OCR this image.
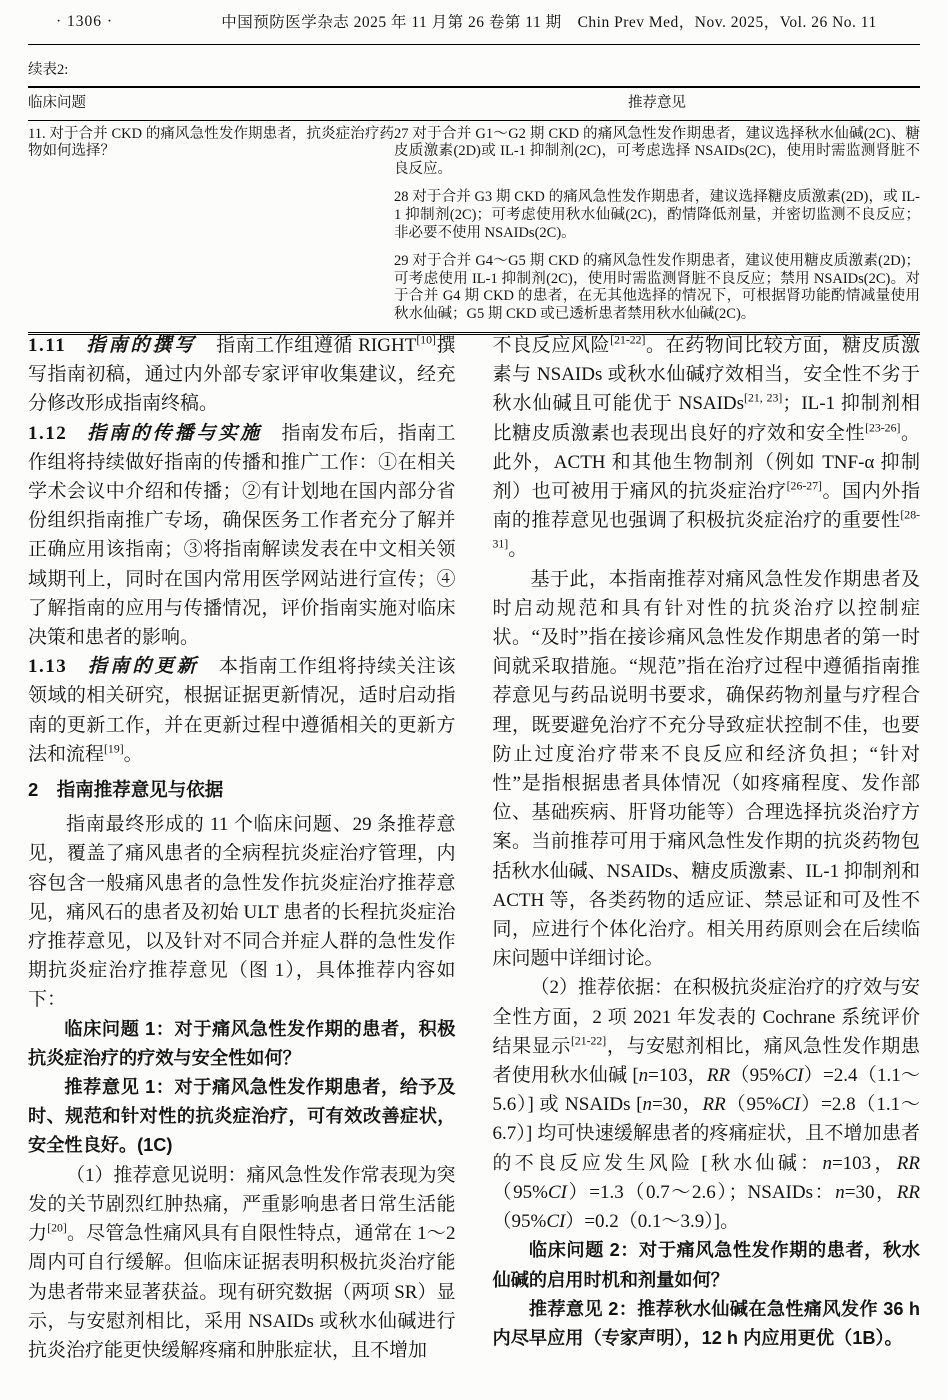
· 1306 ·	中国预防医学杂志 2025 年 11 月第 26 卷第 11 期　Chin Prev Med，Nov. 2025，Vol. 26 No. 11
续表2:
临床问题	推荐意见
11. 对于合并 CKD 的痛风急性发作期患者，抗炎症治疗药物如何选择？	27 对于合并 G1～G2 期 CKD 的痛风急性发作期患者，建议选择秋水仙碱(2C)、糖皮质激素(2D)或 IL-1 抑制剂(2C)，可考虑选择 NSAIDs(2C)，使用时需监测肾脏不良反应。

28 对于合并 G3 期 CKD 的痛风急性发作期患者，建议选择糖皮质激素(2D)，或 IL-1 抑制剂(2C)；可考虑使用秋水仙碱(2C)，酌情降低剂量，并密切监测不良反应；非必要不使用 NSAIDs(2C)。

29 对于合并 G4～G5 期 CKD 的痛风急性发作期患者，建议使用糖皮质激素(2D)；可考虑使用 IL-1 抑制剂(2C)，使用时需监测肾脏不良反应；禁用 NSAIDs(2C)。对于合并 G4 期 CKD 的患者，在无其他选择的情况下，可根据肾功能酌情减量使用秋水仙碱；G5 期 CKD 或已透析患者禁用秋水仙碱(2C)。

1.11　 指南的撰写　指南工作组遵循 RIGHT[10]撰写指南初稿，通过内外部专家评审收集建议，经充分修改形成指南终稿。

1.12　 指南的传播与实施　指南发布后，指南工作组将持续做好指南的传播和推广工作：①在相关学术会议中介绍和传播；②有计划地在国内部分省份组织指南推广专场，确保医务工作者充分了解并正确应用该指南；③将指南解读发表在中文相关领域期刊上，同时在国内常用医学网站进行宣传；④了解指南的应用与传播情况，评价指南实施对临床决策和患者的影响。

1.13　 指南的更新　本指南工作组将持续关注该领域的相关研究，根据证据更新情况，适时启动指南的更新工作，并在更新过程中遵循相关的更新方法和流程[19]。

2　指南推荐意见与依据

指南最终形成的 11 个临床问题、29 条推荐意见，覆盖了痛风患者的全病程抗炎症治疗管理，内容包含一般痛风患者的急性发作抗炎症治疗推荐意见，痛风石的患者及初始 ULT 患者的长程抗炎症治疗推荐意见，以及针对不同合并症人群的急性发作期抗炎症治疗推荐意见（图 1），具体推荐内容如下：

临床问题 1：对于痛风急性发作期的患者，积极抗炎症治疗的疗效与安全性如何？

推荐意见 1：对于痛风急性发作期患者，给予及时、规范和针对性的抗炎症治疗，可有效改善症状，安全性良好。(1C)

（1）推荐意见说明：痛风急性发作常表现为突发的关节剧烈红肿热痛，严重影响患者日常生活能力[20]。尽管急性痛风具有自限性特点，通常在 1～2 周内可自行缓解。但临床证据表明积极抗炎治疗能为患者带来显著获益。现有研究数据（两项 SR）显示，与安慰剂相比，采用 NSAIDs 或秋水仙碱进行抗炎治疗能更快缓解疼痛和肿胀症状，且不增加

不良反应风险[21-22]。在药物间比较方面，糖皮质激素与 NSAIDs 或秋水仙碱疗效相当，安全性不劣于秋水仙碱且可能优于 NSAIDs[21, 23]；IL-1 抑制剂相比糖皮质激素也表现出良好的疗效和安全性[23-26]。此外，ACTH 和其他生物制剂（例如 TNF-α 抑制剂）也可被用于痛风的抗炎症治疗[26-27]。国内外指南的推荐意见也强调了积极抗炎症治疗的重要性[28-31]。

基于此，本指南推荐对痛风急性发作期患者及时启动规范和具有针对性的抗炎治疗以控制症状。“及时”指在接诊痛风急性发作期患者的第一时间就采取措施。“规范”指在治疗过程中遵循指南推荐意见与药品说明书要求，确保药物剂量与疗程合理，既要避免治疗不充分导致症状控制不佳，也要防止过度治疗带来不良反应和经济负担；“针对性”是指根据患者具体情况（如疼痛程度、发作部位、基础疾病、肝肾功能等）合理选择抗炎治疗方案。当前推荐可用于痛风急性发作期的抗炎药物包括秋水仙碱、NSAIDs、糖皮质激素、IL-1 抑制剂和 ACTH 等，各类药物的适应证、禁忌证和可及性不同，应进行个体化治疗。相关用药原则会在后续临床问题中详细讨论。

（2）推荐依据：在积极抗炎症治疗的疗效与安全性方面，2 项 2021 年发表的 Cochrane 系统评价结果显示[21-22]，与安慰剂相比，痛风急性发作期患者使用秋水仙碱 [n=103，RR（95%CI）=2.4（1.1～5.6）] 或 NSAIDs [n=30，RR（95%CI）=2.8（1.1～6.7）] 均可快速缓解患者的疼痛症状，且不增加患者的不良反应发生风险 [秋水仙碱：n=103，RR（95%CI）=1.3（0.7～2.6）；NSAIDs：n=30，RR（95%CI）=0.2（0.1～3.9）]。

临床问题 2：对于痛风急性发作期的患者，秋水仙碱的启用时机和剂量如何？

推荐意见 2：推荐秋水仙碱在急性痛风发作 36 h 内尽早应用（专家声明），12 h 内应用更优（1B）。
